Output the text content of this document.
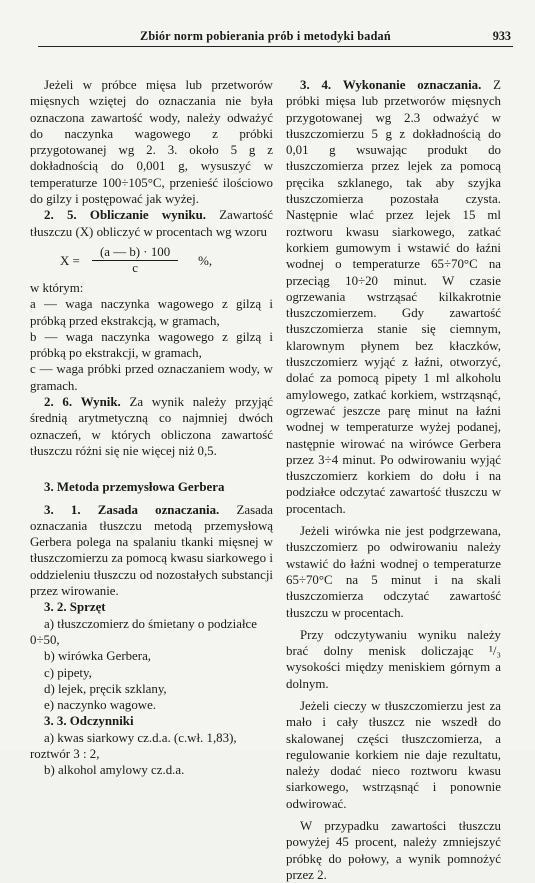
Zbiór norm pobierania prób i metodyki badań	933

Jeżeli w próbce mięsa lub przetworów mięsnych wziętej do oznaczania nie była oznaczona zawartość wody, należy odważyć do naczynka wagowego z próbki przygotowanej wg 2. 3. około 5 g z dokładnością do 0,001 g, wysuszyć w temperaturze 100÷105°C, przenieść ilościowo do gilzy i postępować jak wyżej.

2. 5. Obliczanie wyniku. Zawartość tłuszczu (X) obliczyć w procentach wg wzoru

$X = \frac{(a — b) \cdot 100}{c}$ %,

w którym:

a — waga naczynka wagowego z gilzą i próbką przed ekstrakcją, w gramach,

b — waga naczynka wagowego z gilzą i próbką po ekstrakcji, w gramach,

c — waga próbki przed oznaczaniem wody, w gramach.

2. 6. Wynik. Za wynik należy przyjąć średnią arytmetyczną co najmniej dwóch oznaczeń, w których obliczona zawartość tłuszczu różni się nie więcej niż 0,5.

3. Metoda przemysłowa Gerbera

3. 1. Zasada oznaczania. Zasada oznaczania tłuszczu metodą przemysłową Gerbera polega na spalaniu tkanki mięsnej w tłuszczomierzu za pomocą kwasu siarkowego i oddzieleniu tłuszczu od nozostałych substancji przez wirowanie.

3. 2. Sprzęt

a) tłuszczomierz do śmietany o podziałce 0÷50,

b) wirówka Gerbera,

c) pipety,

d) lejek, pręcik szklany,

e) naczynko wagowe.

3. 3. Odczynniki

a) kwas siarkowy cz.d.a. (c.wł. 1,83), roztwór 3 : 2,

b) alkohol amylowy cz.d.a.

3. 4. Wykonanie oznaczania. Z próbki mięsa lub przetworów mięsnych przygotowanej wg 2.3 odważyć w tłuszczomierzu 5 g z dokładnością do 0,01 g wsuwając produkt do tłuszczomierza przez lejek za pomocą pręcika szklanego, tak aby szyjka tłuszczomierza pozostała czysta. Następnie wlać przez lejek 15 ml roztworu kwasu siarkowego, zatkać korkiem gumowym i wstawić do łaźni wodnej o temperaturze 65÷70°C na przeciąg 10÷20 minut. W czasie ogrzewania wstrząsać kilkakrotnie tłuszczomierzem. Gdy zawartość tłuszczomierza stanie się ciemnym, klarownym płynem bez kłaczków, tłuszczomierz wyjąć z łaźni, otworzyć, dolać za pomocą pipety 1 ml alkoholu amylowego, zatkać korkiem, wstrząsnąć, ogrzewać jeszcze parę minut na łaźni wodnej w temperaturze wyżej podanej, następnie wirować na wirówce Gerbera przez 3÷4 minut. Po odwirowaniu wyjąć tłuszczomierz korkiem do dołu i na podziałce odczytać zawartość tłuszczu w procentach.

Jeżeli wirówka nie jest podgrzewana, tłuszczomierz po odwirowaniu należy wstawić do łaźni wodnej o temperaturze 65÷70°C na 5 minut i na skali tłuszczomierza odczytać zawartość tłuszczu w procentach.

Przy odczytywaniu wyniku należy brać dolny menisk doliczając ¹/₃ wysokości między meniskiem górnym a dolnym.

Jeżeli cieczy w tłuszczomierzu jest za mało i cały tłuszcz nie wszedł do skalowanej części tłuszczomierza, a regulowanie korkiem nie daje rezultatu, należy dodać nieco roztworu kwasu siarkowego, wstrząsnąć i ponownie odwirować.

W przypadku zawartości tłuszczu powyżej 45 procent, należy zmniejszyć próbkę do połowy, a wynik pomnożyć przez 2.
